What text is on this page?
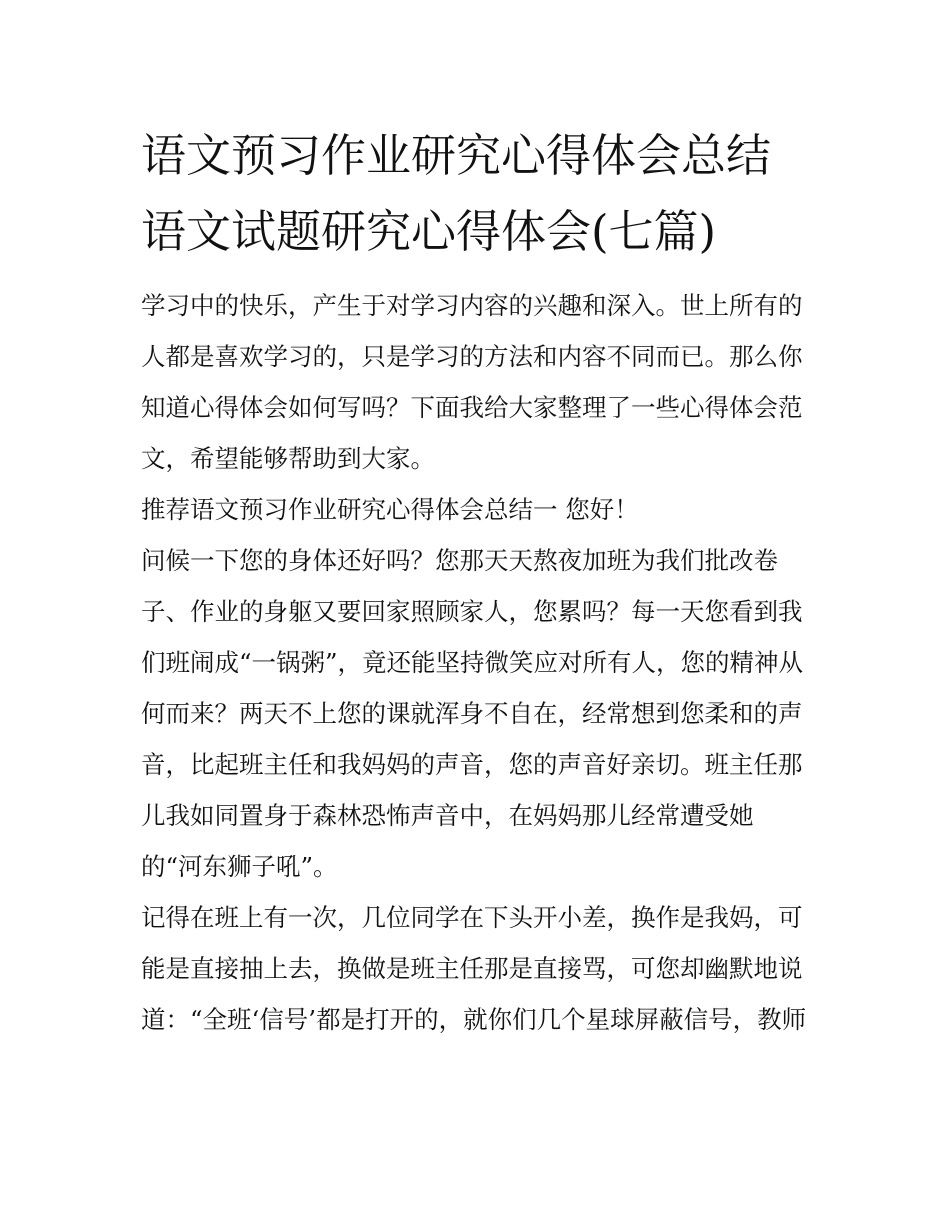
语文预习作业研究心得体会总结 语文试题研究心得体会(七篇)

学习中的快乐，产生于对学习内容的兴趣和深入。世上所有的人都是喜欢学习的，只是学习的方法和内容不同而已。那么你知道心得体会如何写吗？下面我给大家整理了一些心得体会范文，希望能够帮助到大家。

推荐语文预习作业研究心得体会总结一 您好！

问候一下您的身体还好吗？您那天天熬夜加班为我们批改卷子、作业的身躯又要回家照顾家人，您累吗？每一天您看到我们班闹成“一锅粥”，竟还能坚持微笑应对所有人，您的精神从何而来？两天不上您的课就浑身不自在，经常想到您柔和的声音，比起班主任和我妈妈的声音，您的声音好亲切。班主任那儿我如同置身于森林恐怖声音中，在妈妈那儿经常遭受她的“河东狮子吼”。

记得在班上有一次，几位同学在下头开小差，换作是我妈，可能是直接抽上去，换做是班主任那是直接骂，可您却幽默地说道：“全班‘信号’都是打开的，就你们几个星球屏蔽信号，教师
